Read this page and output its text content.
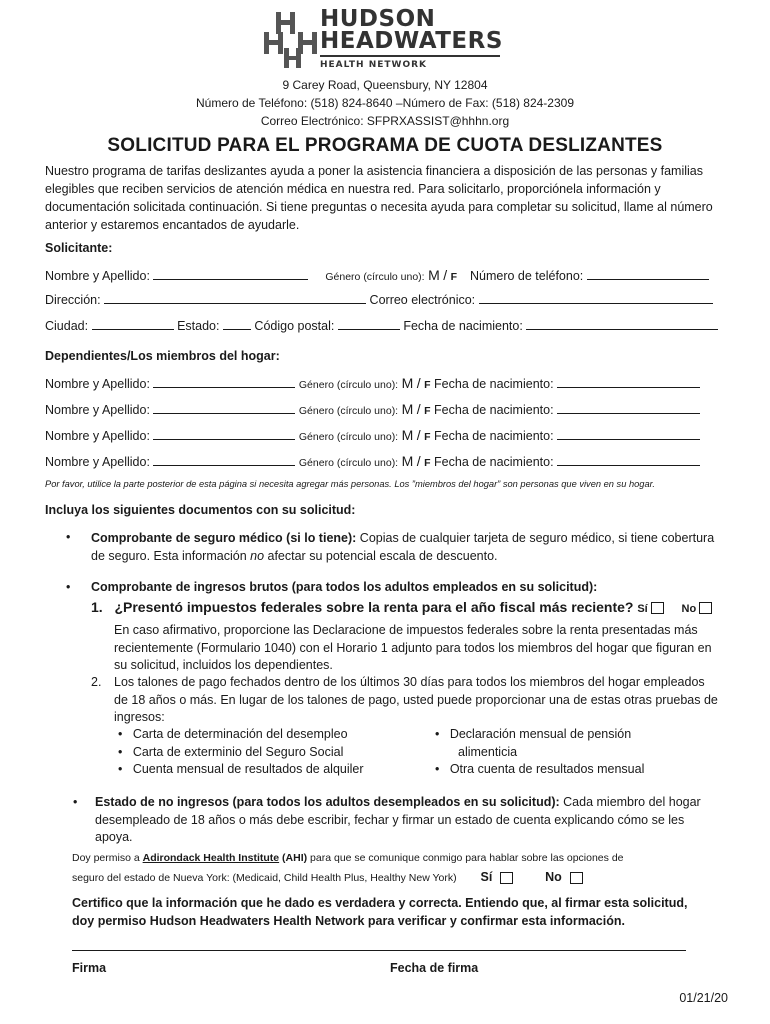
HUDSON
HEADWATERS
HEALTH NETWORK
9 Carey Road, Queensbury, NY 12804
Número de Teléfono: (518) 824-8640 –Número de Fax: (518) 824-2309
Correo Electrónico: SFPRXASSIST@hhhn.org
SOLICITUD PARA EL PROGRAMA DE CUOTA DESLIZANTES
Nuestro programa de tarifas deslizantes ayuda a poner la asistencia financiera a disposición de las personas y familias elegibles que reciben servicios de atención médica en nuestra red. Para solicitarlo, proporciónela información y documentación solicitada continuación. Si tiene preguntas o necesita ayuda para completar su solicitud, llame al número anterior y estaremos encantados de ayudarle.
Solicitante:
Nombre y Apellido:	Género (círculo uno): M / F Número de teléfono:
Dirección:	Correo electrónico:
Ciudad:	Estado:	Código postal:	Fecha de nacimiento:
Dependientes/Los miembros del hogar:
Nombre y Apellido:	Género (círculo uno): M / F Fecha de nacimiento:
Nombre y Apellido:	Género (círculo uno): M / F Fecha de nacimiento:
Nombre y Apellido:	Género (círculo uno): M / F Fecha de nacimiento:
Nombre y Apellido:	Género (círculo uno): M / F Fecha de nacimiento:
Por favor, utilice la parte posterior de esta página si necesita agregar más personas. Los ”miembros del hogar” son personas que viven en su hogar.
Incluya los siguientes documentos con su solicitud:
• Comprobante de seguro médico (si lo tiene): Copias de cualquier tarjeta de seguro médico, si tiene cobertura
de seguro. Esta información no afectar su potencial escala de descuento.
• Comprobante de ingresos brutos (para todos los adultos empleados en su solicitud):
1. ¿Presentó impuestos federales sobre la renta para el año fiscal más reciente? Sí	No
En caso afirmativo, proporcione las Declaracione de impuestos federales sobre la renta presentadas más
recientemente (Formulario 1040) con el Horario 1 adjunto para todos los miembros del hogar que figuran en
su solicitud, incluidos los dependientes.
2.	Los talones de pago fechados dentro de los últimos 30 días para todos los miembros del hogar empleados
de 18 años o más. En lugar de los talones de pago, usted puede proporcionar una de estas otras pruebas de
ingresos:
• Carta de determinación del desempleo
• Carta de exterminio del Seguro Social
• Cuenta mensual de resultados de alquiler
• Declaración mensual de pensión
alimenticia
• Otra cuenta de resultados mensual
• Estado de no ingresos (para todos los adultos desempleados en su solicitud): Cada miembro del hogar
desempleado de 18 años o más debe escribir, fechar y firmar un estado de cuenta explicando cómo se les
apoya.
Doy permiso a Adirondack Health Institute (AHI) para que se comunique conmigo para hablar sobre las opciones de
seguro del estado de Nueva York: (Medicaid, Child Health Plus, Healthy New York) Sí	No
Certifico que la información que he dado es verdadera y correcta. Entiendo que, al firmar esta solicitud,
doy permiso Hudson Headwaters Health Network para verificar y confirmar esta información.
Firma	Fecha de firma
01/21/20
